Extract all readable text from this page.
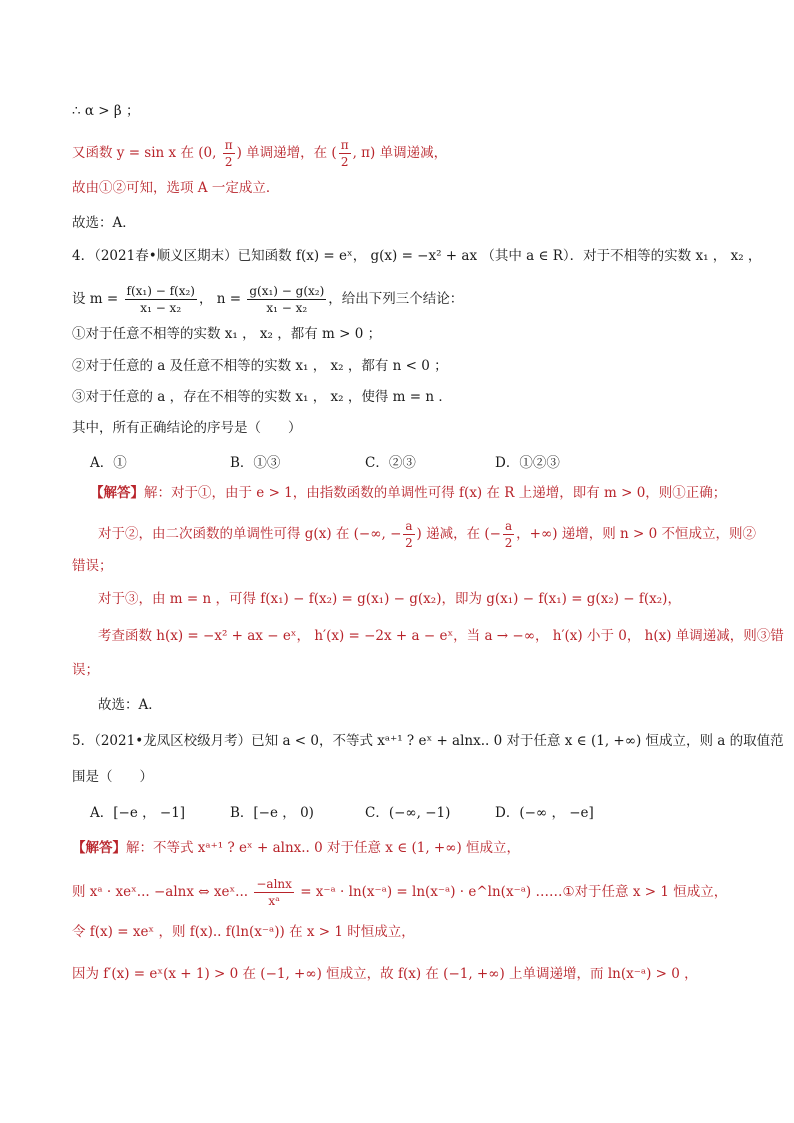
∴ α > β ；
又函数 y = sin x 在 (0, $\frac{\pi}{2}$ ) 单调递增，在 ( $\frac{\pi}{2}$ , π) 单调递减，
故由①②可知，选项 A 一定成立．
故选：A．
4．（2021春•顺义区期末）已知函数 f(x) = eˣ， g(x) = −x² + ax （其中 a ∈ R）．对于不相等的实数 x₁ ， x₂ ，
设 $m = \frac{\text{f(x₁) − f(x₂)}}{\text{x₁ − x₂}}$ ， $n = \frac{\text{g(x₁) − g(x₂)}}{\text{x₁ − x₂}}$ ，给出下列三个结论：
①对于任意不相等的实数 x₁ ， x₂ ，都有 m > 0 ；
②对于任意的 a 及任意不相等的实数 x₁ ， x₂ ，都有 n < 0 ；
③对于任意的 a ，存在不相等的实数 x₁ ， x₂ ，使得 m = n ．
其中，所有正确结论的序号是（　　）
A．①	B．①③	C．②③	D．①②③
【解答】解：对于①，由于 e > 1，由指数函数的单调性可得 f(x) 在 R 上递增，即有 m > 0，则①正确；
对于②，由二次函数的单调性可得 g(x) 在 (−∞, − $\frac{a}{2}$ ) 递减，在 (− $\frac{a}{2}$ ，+∞) 递增，则 n > 0 不恒成立，则②
错误；
对于③，由 m = n ，可得 f(x₁) − f(x₂) = g(x₁) − g(x₂)，即为 g(x₁) − f(x₁) = g(x₂) − f(x₂)，
考查函数 h(x) = −x² + ax − eˣ， h′(x) = −2x + a − eˣ，当 a → −∞， h′(x) 小于 0， h(x) 单调递减，则③错
误；
故选：A．
5．（2021•龙凤区校级月考）已知 a < 0，不等式 xᵃ⁺¹ ? eˣ + alnx.. 0 对于任意 x ∈ (1, +∞) 恒成立，则 a 的取值范
围是（　　）
A．[−e ， −1]	B．[−e ， 0)	C．(−∞, −1)	D．(−∞ ， −e]
【解答】解：不等式 xᵃ⁺¹ ? eˣ + alnx.. 0 对于任意 x ∈ (1, +∞) 恒成立，
则 xᵃ · xeˣ... −alnx ⇔ xeˣ... $\frac{-alnx}{\text{xᵃ}}$ = x⁻ᵃ · ln(x⁻ᵃ) = ln(x⁻ᵃ) · e^ln(x⁻ᵃ) ……①对于任意 x > 1 恒成立，
令 f(x) = xeˣ ，则 f(x).. f(ln(x⁻ᵃ)) 在 x > 1 时恒成立，
因为 f′(x) = eˣ(x + 1) > 0 在 (−1, +∞) 恒成立，故 f(x) 在 (−1, +∞) 上单调递增，而 ln(x⁻ᵃ) > 0 ，
